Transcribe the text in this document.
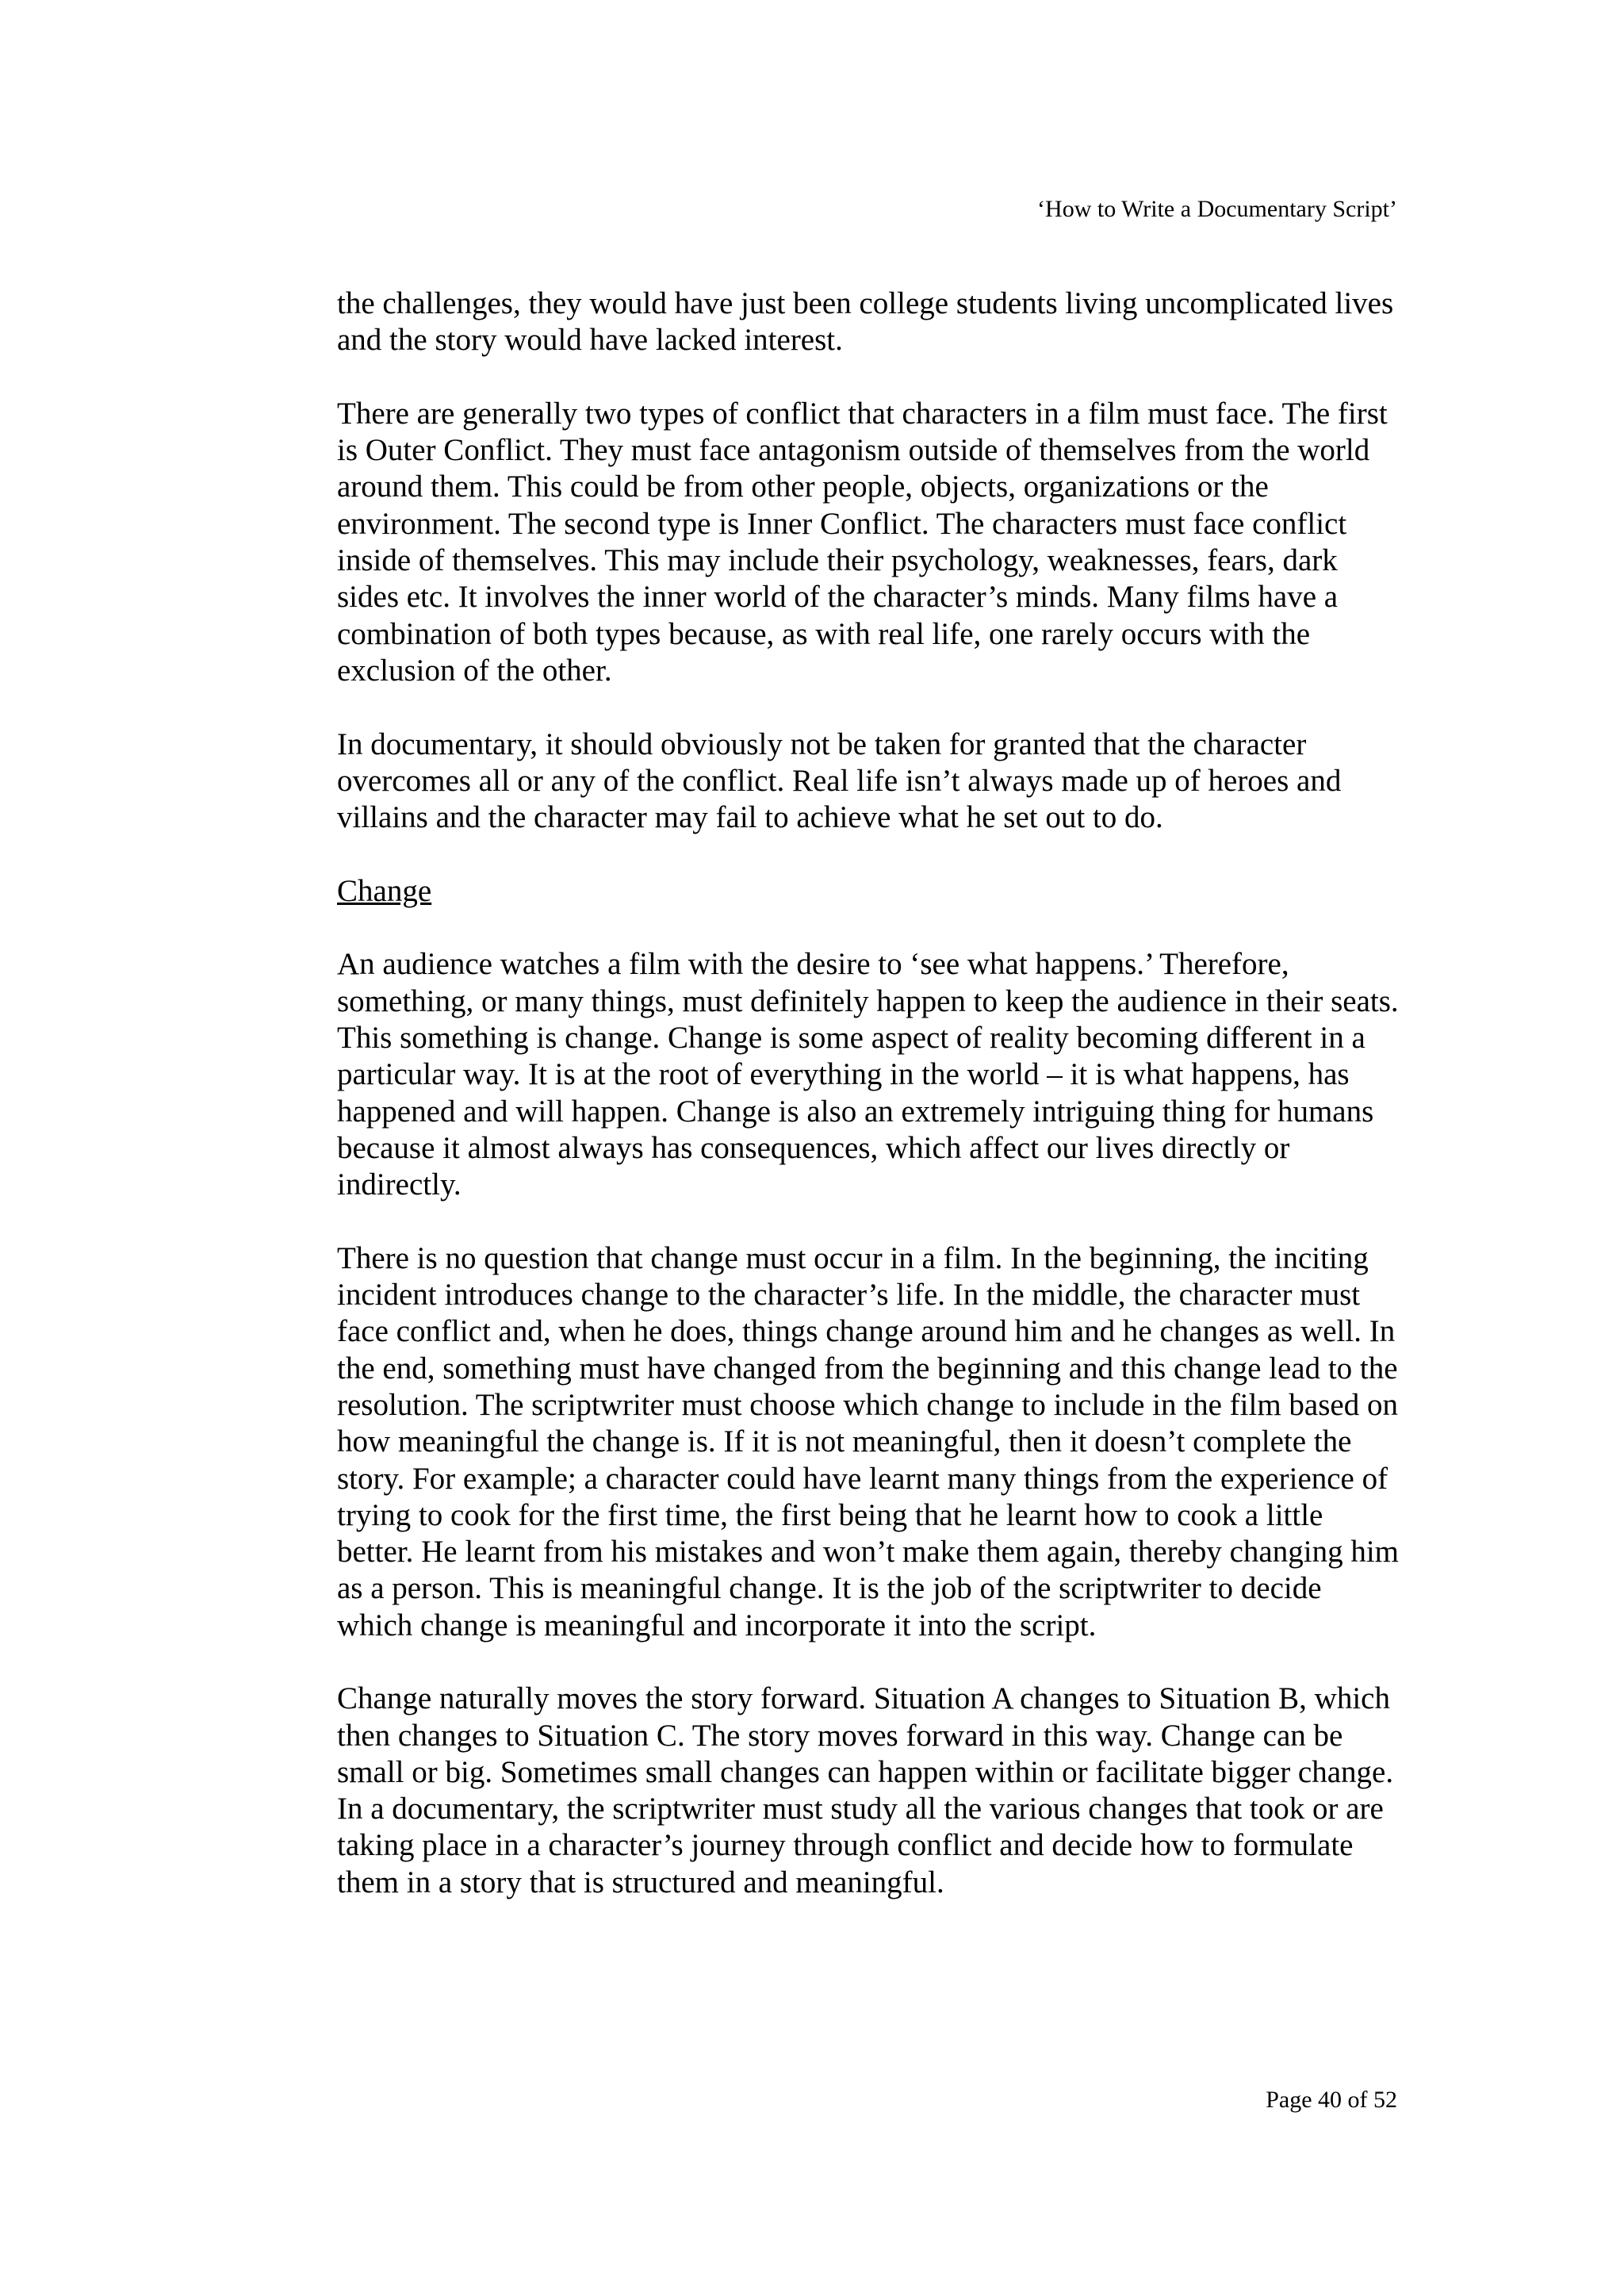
‘How to Write a Documentary Script’

the challenges, they would have just been college students living uncomplicated lives and the story would have lacked interest.

There are generally two types of conflict that characters in a film must face. The first is Outer Conflict. They must face antagonism outside of themselves from the world around them. This could be from other people, objects, organizations or the environment. The second type is Inner Conflict. The characters must face conflict inside of themselves. This may include their psychology, weaknesses, fears, dark sides etc. It involves the inner world of the character’s minds. Many films have a combination of both types because, as with real life, one rarely occurs with the exclusion of the other.

In documentary, it should obviously not be taken for granted that the character overcomes all or any of the conflict. Real life isn’t always made up of heroes and villains and the character may fail to achieve what he set out to do.

Change

An audience watches a film with the desire to ‘see what happens.’ Therefore, something, or many things, must definitely happen to keep the audience in their seats. This something is change. Change is some aspect of reality becoming different in a particular way. It is at the root of everything in the world – it is what happens, has happened and will happen. Change is also an extremely intriguing thing for humans because it almost always has consequences, which affect our lives directly or indirectly.

There is no question that change must occur in a film. In the beginning, the inciting incident introduces change to the character’s life. In the middle, the character must face conflict and, when he does, things change around him and he changes as well. In the end, something must have changed from the beginning and this change lead to the resolution. The scriptwriter must choose which change to include in the film based on how meaningful the change is. If it is not meaningful, then it doesn’t complete the story. For example; a character could have learnt many things from the experience of trying to cook for the first time, the first being that he learnt how to cook a little better. He learnt from his mistakes and won’t make them again, thereby changing him as a person. This is meaningful change. It is the job of the scriptwriter to decide which change is meaningful and incorporate it into the script.

Change naturally moves the story forward. Situation A changes to Situation B, which then changes to Situation C. The story moves forward in this way. Change can be small or big. Sometimes small changes can happen within or facilitate bigger change. In a documentary, the scriptwriter must study all the various changes that took or are taking place in a character’s journey through conflict and decide how to formulate them in a story that is structured and meaningful.

Page 40 of 52
